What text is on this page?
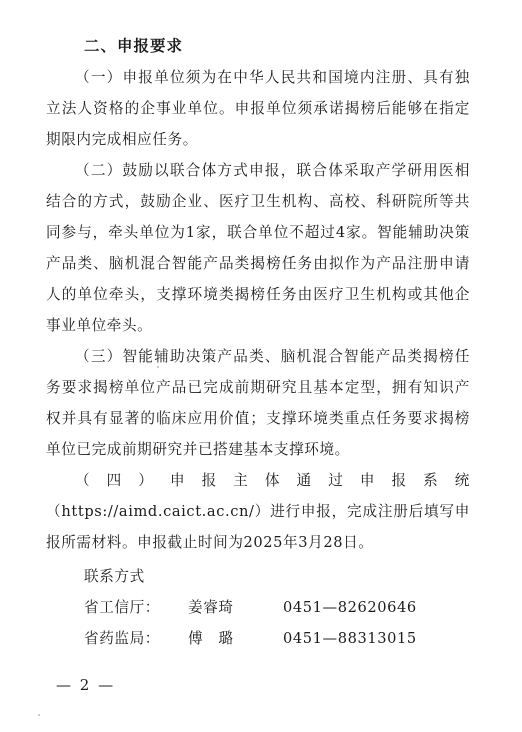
二、申报要求

（一）申报单位须为在中华人民共和国境内注册、具有独立法人资格的企事业单位。申报单位须承诺揭榜后能够在指定期限内完成相应任务。

（二）鼓励以联合体方式申报，联合体采取产学研用医相结合的方式，鼓励企业、医疗卫生机构、高校、科研院所等共同参与，牵头单位为1家，联合单位不超过4家。智能辅助决策产品类、脑机混合智能产品类揭榜任务由拟作为产品注册申请人的单位牵头，支撑环境类揭榜任务由医疗卫生机构或其他企事业单位牵头。

（三）智能辅助决策产品类、脑机混合智能产品类揭榜任务要求揭榜单位产品已完成前期研究且基本定型，拥有知识产权并具有显著的临床应用价值；支撑环境类重点任务要求揭榜单位已完成前期研究并已搭建基本支撑环境。

（四）申报主体通过申报系统（https://aimd.caict.ac.cn/）进行申报，完成注册后填写申报所需材料。申报截止时间为2025年3月28日。

联系方式

省工信厅： 姜睿琦	0451—82620646

省药监局： 傅　璐	0451—88313015

— 2 —
